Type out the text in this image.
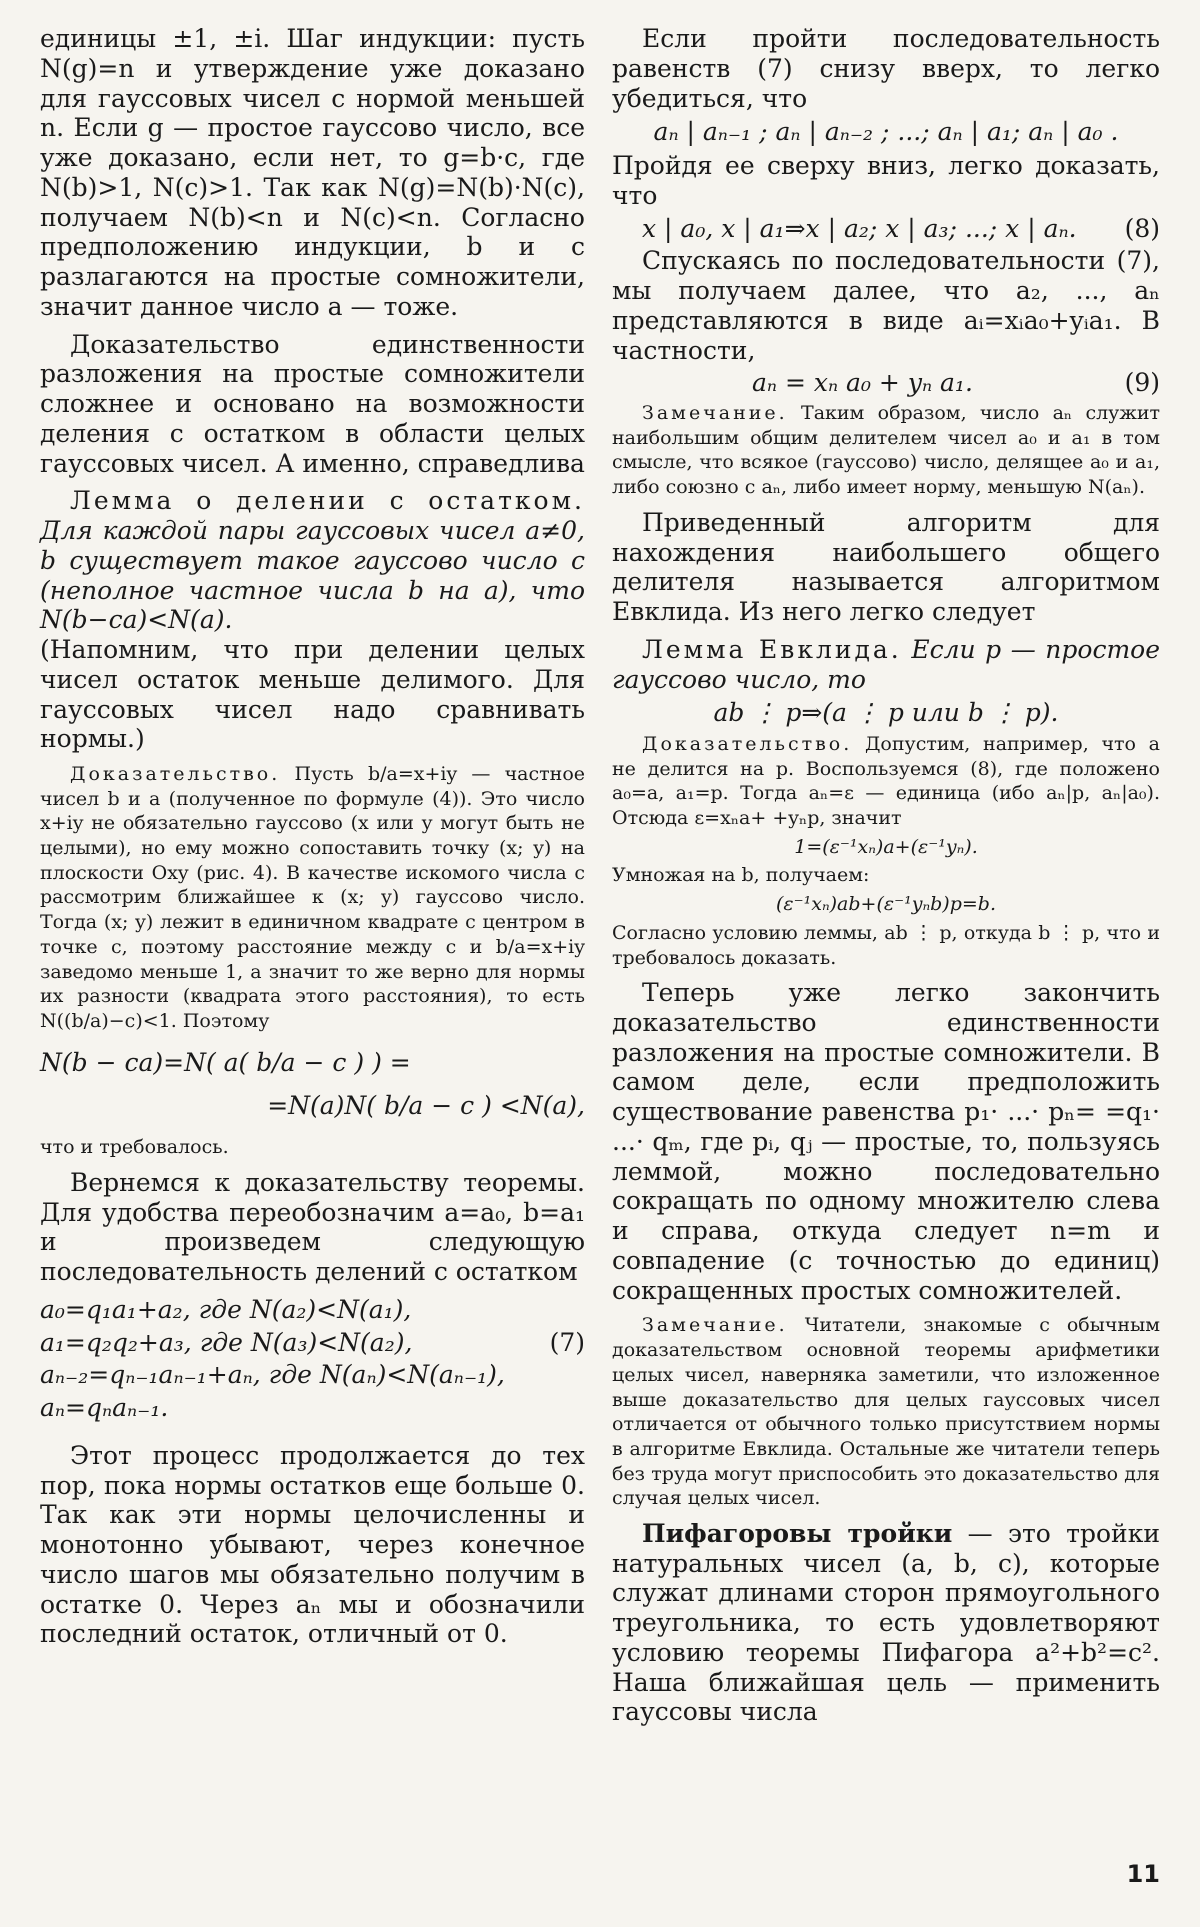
единицы ±1, ±i. Шаг индукции: пусть N(g)=n и утверждение уже доказано для гауссовых чисел с нормой меньшей n. Если g — простое гауссово число, все уже доказано, если нет, то g=b·c, где N(b)>1, N(c)>1. Так как N(g)=N(b)·N(c), получаем N(b)<n и N(c)<n. Согласно предположению индукции, b и c разлагаются на простые сомножители, значит данное число a — тоже.

Доказательство единственности разложения на простые сомножители сложнее и основано на возможности деления с остатком в области целых гауссовых чисел. А именно, справедлива

Лемма о делении с остатком. Для каждой пары гауссовых чисел a≠0, b существует такое гауссово число c (неполное частное числа b на a), что N(b−ca)<N(a).

(Напомним, что при делении целых чисел остаток меньше делимого. Для гауссовых чисел надо сравнивать нормы.)

Доказательство. Пусть b/a=x+iy — частное чисел b и a (полученное по формуле (4)). Это число x+iy не обязательно гауссово (x или y могут быть не целыми), но ему можно сопоставить точку (x; y) на плоскости Oxy (рис. 4). В качестве искомого числа c рассмотрим ближайшее к (x; y) гауссово число. Тогда (x; y) лежит в единичном квадрате с центром в точке c, поэтому расстояние между c и b/a=x+iy заведомо меньше 1, а значит то же верно для нормы их разности (квадрата этого расстояния), то есть N((b/a)−c)<1. Поэтому

N(b − ca)=N( a( b/a − c ) ) =

=N(a)N( b/a − c ) <N(a),

что и требовалось.

Вернемся к доказательству теоремы. Для удобства переобозначим a=a₀, b=a₁ и произведем следующую последовательность делений с остатком

a₀=q₁a₁+a₂, где N(a₂)<N(a₁),

a₁=q₂q₂+a₃, где N(a₃)<N(a₂),	(7)

aₙ₋₂=qₙ₋₁aₙ₋₁+aₙ, где N(aₙ)<N(aₙ₋₁),

aₙ=qₙaₙ₋₁.

Этот процесс продолжается до тех пор, пока нормы остатков еще больше 0. Так как эти нормы целочисленны и монотонно убывают, через конечное число шагов мы обязательно получим в остатке 0. Через aₙ мы и обозначили последний остаток, отличный от 0.

Если пройти последовательность равенств (7) снизу вверх, то легко убедиться, что

aₙ | aₙ₋₁ ; aₙ | aₙ₋₂ ; ...; aₙ | a₁; aₙ | a₀ .

Пройдя ее сверху вниз, легко доказать, что

x | a₀, x | a₁⇒x | a₂; x | a₃; ...; x | aₙ. (8)

Спускаясь по последовательности (7), мы получаем далее, что a₂, ..., aₙ представляются в виде aᵢ=xᵢa₀+yᵢa₁. В частности,

aₙ = xₙ a₀ + yₙ a₁.	(9)

Замечание. Таким образом, число aₙ служит наибольшим общим делителем чисел a₀ и a₁ в том смысле, что всякое (гауссово) число, делящее a₀ и a₁, либо союзно с aₙ, либо имеет норму, меньшую N(aₙ).

Приведенный алгоритм для нахождения наибольшего общего делителя называется алгоритмом Евклида. Из него легко следует

Лемма Евклида. Если p — простое гауссово число, то

ab ⋮ p⇒(a ⋮ p или b ⋮ p).

Доказательство. Допустим, например, что a не делится на p. Воспользуемся (8), где положено a₀=a, a₁=p. Тогда aₙ=ε — единица (ибо aₙ|p, aₙ|a₀). Отсюда ε=xₙa+ +yₙp, значит

1=(ε⁻¹xₙ)a+(ε⁻¹yₙ).

Умножая на b, получаем:

(ε⁻¹xₙ)ab+(ε⁻¹yₙb)p=b.

Согласно условию леммы, ab ⋮ p, откуда b ⋮ p, что и требовалось доказать.

Теперь уже легко закончить доказательство единственности разложения на простые сомножители. В самом деле, если предположить существование равенства p₁· ...· pₙ= =q₁· ...· qₘ, где pᵢ, qⱼ — простые, то, пользуясь леммой, можно последовательно сокращать по одному множителю слева и справа, откуда следует n=m и совпадение (с точностью до единиц) сокращенных простых сомножителей.

Замечание. Читатели, знакомые с обычным доказательством основной теоремы арифметики целых чисел, наверняка заметили, что изложенное выше доказательство для целых гауссовых чисел отличается от обычного только присутствием нормы в алгоритме Евклида. Остальные же читатели теперь без труда могут приспособить это доказательство для случая целых чисел.

Пифагоровы тройки — это тройки натуральных чисел (a, b, c), которые служат длинами сторон прямоугольного треугольника, то есть удовлетворяют условию теоремы Пифагора a²+b²=c². Наша ближайшая цель — применить гауссовы числа

11
